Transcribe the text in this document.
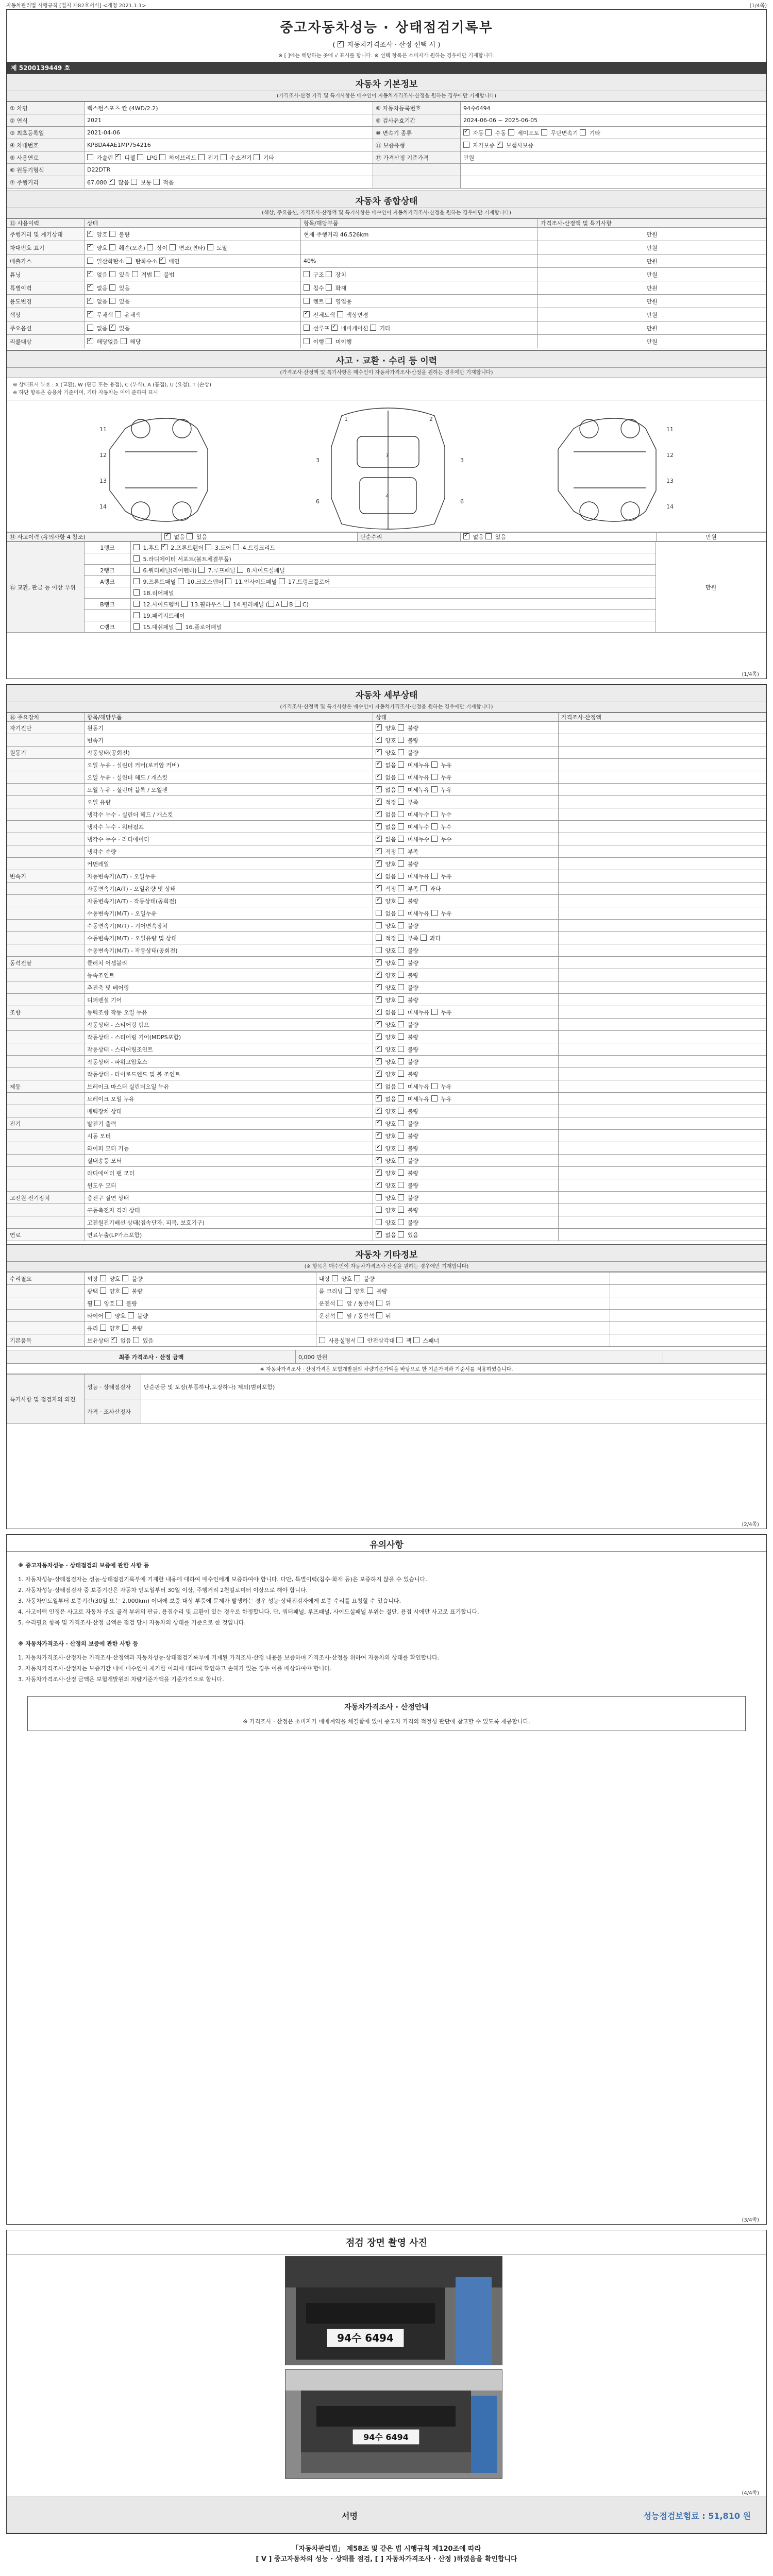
자동차관리법 시행규칙 [별지 제82호서식] <개정 2021.1.1>	(1/4쪽)
중고자동차성능 · 상태점검기록부
( ✓ 자동차가격조사 · 산정 선택 시 )
※ [ ]에는 해당하는 곳에 √ 표시를 합니다. ※ 선택 항목은 소비자가 원하는 경우에만 기재합니다.
제 5200139449 호
자동차 기본정보
(가격조사·산정 가격 및 특기사항은 매수인이 자동차가격조사·산정을 원하는 경우에만 기재합니다)
① 차명	렉스턴스포츠 칸 (4WD/2.2)	⑧ 자동차등록번호	94수6494
② 연식	2021	⑨ 검사유효기간	2024-06-06 ~ 2025-06-05
③ 최초등록일	2021-04-06	⑩ 변속기 종류	✓ 자동  수동  세미오토  무단변속기  기타
④ 차대번호	KPBDA4AE1MP754216	⑪ 보증유형	자가보증 ✓ 보험사보증
⑤ 사용연료	가솔린 ✓ 디젤  LPG  하이브리드  전기  수소전기  기타	⑫ 가격산정 기준가격	만원
⑥ 원동기형식	D22DTR		
⑦ 주행거리	67,080 ✓ 많음  보통  적음		
자동차 종합상태
(색상, 주요옵션, 가격조사·산정액 및 특기사항은 매수인이 자동차가격조사·산정을 원하는 경우에만 기재합니다)
⑬ 사용이력	상태	항목/해당부품	가격조사·산정액 및 특기사항
주행거리 및 계기상태	✓ 양호  불량	현재 주행거리 46,526km	만원
차대번호 표기	✓ 양호  훼손(오손)  상이  변조(변타)  도말		만원
배출가스	일산화탄소  탄화수소 ✓ 매연	40%	만원
튜닝	✓ 없음  있음  적법  불법	구조  장치	만원
특별이력	✓ 없음  있음	침수  화재	만원
용도변경	✓ 없음  있음	렌트  영업용	만원
색상	✓ 무채색  유채색	✓ 전체도색  색상변경	만원
주요옵션	없음 ✓ 있음	선루프 ✓ 네비게이션  기타	만원
리콜대상	✓ 해당없음  해당	이행  미이행	만원
사고 · 교환 · 수리 등 이력
(가격조사·산정액 및 특기사항은 매수인이 자동차가격조사·산정을 원하는 경우에만 기재합니다)
※ 상태표시 부호 : X (교환), W (판금 또는 용접), C (부식), A (흠집), U (요철), T (손상)
※ 하단 항목은 승용차 기준이며, 기타 자동차는 이에 준하여 표시
1	2
3	3
7
4
6	6
11
12
13
14
11
12
13
14
⑭ 사고이력 (유의사항 4 참조)	✓ 없음  있음	단순수리	✓ 없음  있음	만원
⑮ 교환, 판금 등 이상 부위	1랭크	1.후드 ✓ 2.프론트휀더  3.도어  4.트렁크리드	만원
		5.라디에이터 서포트(볼트체결부품)	
	2랭크	6.쿼터패널(리어펜더)  7.루프패널  8.사이드실패널	
	A랭크	9.프론트패널  10.크로스멤버  11.인사이드패널  17.트렁크플로어	
		18.리어패널	
	B랭크	12.사이드멤버  13.휠하우스  14.필러패널 ( A B C)	
		19.패키지트레이	
	C랭크	15.대쉬패널  16.플로어패널	
(1/4쪽)
자동차 세부상태
(가격조사·산정액 및 특기사항은 매수인이 자동차가격조사·산정을 원하는 경우에만 기재합니다)
⑯ 주요장치	항목/해당부품	상태	가격조사·산정액
자기진단	원동기	✓ 양호  불량	
	변속기	✓ 양호  불량	
원동기	작동상태(공회전)	✓ 양호  불량	
	오일 누유 - 실린더 커버(로커암 커버)	✓ 없음  미세누유  누유	
	오일 누유 - 실린더 헤드 / 개스킷	✓ 없음  미세누유  누유	
	오일 누유 - 실린더 블록 / 오일팬	✓ 없음  미세누유  누유	
	오일 유량	✓ 적정  부족	
	냉각수 누수 - 실린더 헤드 / 개스킷	✓ 없음  미세누수  누수	
	냉각수 누수 - 워터펌프	✓ 없음  미세누수  누수	
	냉각수 누수 - 라디에이터	✓ 없음  미세누수  누수	
	냉각수 수량	✓ 적정  부족	
	커먼레일	✓ 양호  불량	
변속기	자동변속기(A/T) - 오일누유	✓ 없음  미세누유  누유	
	자동변속기(A/T) - 오일유량 및 상태	✓ 적정  부족  과다	
	자동변속기(A/T) - 작동상태(공회전)	✓ 양호  불량	
	수동변속기(M/T) - 오일누유	없음  미세누유  누유	
	수동변속기(M/T) - 기어변속장치	양호  불량	
	수동변속기(M/T) - 오일유량 및 상태	적정  부족  과다	
	수동변속기(M/T) - 작동상태(공회전)	양호  불량	
동력전달	클러치 어셈블리	✓ 양호  불량	
	등속조인트	✓ 양호  불량	
	추진축 및 베어링	✓ 양호  불량	
	디퍼렌셜 기어	✓ 양호  불량	
조향	동력조향 작동 오일 누유	✓ 없음  미세누유  누유	
	작동상태 - 스티어링 펌프	✓ 양호  불량	
	작동상태 - 스티어링 기어(MDPS포함)	✓ 양호  불량	
	작동상태 - 스티어링조인트	✓ 양호  불량	
	작동상태 - 파워고압호스	✓ 양호  불량	
	작동상태 - 타이로드엔드 및 볼 조인트	✓ 양호  불량	
제동	브레이크 마스터 실린더오일 누유	✓ 없음  미세누유  누유	
	브레이크 오일 누유	✓ 없음  미세누유  누유	
	배력장치 상태	✓ 양호  불량	
전기	발전기 출력	✓ 양호  불량	
	시동 모터	✓ 양호  불량	
	와이퍼 모터 기능	✓ 양호  불량	
	실내송풍 모터	✓ 양호  불량	
	라디에이터 팬 모터	✓ 양호  불량	
	윈도우 모터	✓ 양호  불량	
고전원 전기장치	충전구 절연 상태	양호  불량	
	구동축전지 격리 상태	양호  불량	
	고전원전기배선 상태(접속단자, 피복, 보호기구)	양호  불량	
연료	연료누출(LP가스포함)	✓ 없음  있음	
자동차 기타정보
(※ 항목은 매수인이 자동차가격조사·산정을 원하는 경우에만 기재합니다)
수리필요	외장  양호  불량	내장  양호  불량	
	광택  양호  불량	룸 크리닝  양호  불량	
	휠  양호  불량	운전석  앞 / 동반석  뒤	
	타이어  양호  불량	운전석  앞 / 동반석  뒤	
	유리  양호  불량		
기본품목	보유상태 ✓ 없음  있음	사용설명서  안전삼각대  잭  스패너	
최종 가격조사 · 산정 금액	0,000 만원	
※ 자동차가격조사 · 산정가격은 보험개발원의 차량기준가액을 바탕으로 한 기준가격과 기준서를 적용하였습니다.
특기사항 및 점검자의 의견	성능 · 상태점검자	단순판금 및 도장(부품하나,도장하나) 제외(범퍼포함)
	가격 · 조사산정자	
(2/4쪽)
유의사항

※ 중고자동차성능 · 상태점검의 보증에 관한 사항 등

1. 자동차성능·상태점검자는 성능·상태점검기록부에 기재한 내용에 대하여 매수인에게 보증하여야 합니다. 다만, 특별이력(침수·화재 등)은 보증하지 않을 수 있습니다.

2. 자동차성능·상태점검자 중 보증기간은 자동차 인도일부터 30일 이상, 주행거리 2천킬로미터 이상으로 해야 합니다.

3. 자동차인도일부터 보증기간(30일 또는 2,000km) 이내에 보증 대상 부품에 문제가 발생하는 경우 성능·상태점검자에게 보증 수리를 요청할 수 있습니다.

4. 사고이력 인정은 사고로 자동차 주요 골격 부위의 판금, 용접수리 및 교환이 있는 경우로 한정합니다. 단, 쿼터패널, 루프패널, 사이드실패널 부위는 절단, 용접 시에만 사고로 표기합니다.

5. 수리필요 항목 및 가격조사·산정 금액은 점검 당시 자동차의 상태를 기준으로 한 것입니다.

※ 자동차가격조사 · 산정의 보증에 관한 사항 등

1. 자동차가격조사·산정자는 가격조사·산정액과 자동차성능·상태점검기록부에 기재된 가격조사·산정 내용을 보증하며 가격조사·산정을 위하여 자동차의 상태를 확인합니다.

2. 자동차가격조사·산정자는 보증기간 내에 매수인이 제기한 이의에 대하여 확인하고 손해가 있는 경우 이를 배상하여야 합니다.

3. 자동차가격조사·산정 금액은 보험개발원의 차량기준가액을 기준가격으로 합니다.

자동차가격조사 · 산정안내
※ 가격조사 · 산정은 소비자가 매매계약을 체결함에 있어 중고차 가격의 적절성 판단에 참고할 수 있도록 제공합니다.
(3/4쪽)
점검 장면 촬영 사진
94수 6494
94수 6494
서명	성능점검보험료 : 51,810 원
(4/4쪽)
「자동차관리법」 제58조 및 같은 법 시행규칙 제120조에 따라
[ V ] 중고자동차의 성능 · 상태를 점검, [ ] 자동차가격조사 · 산정 )하였음을 확인합니다
